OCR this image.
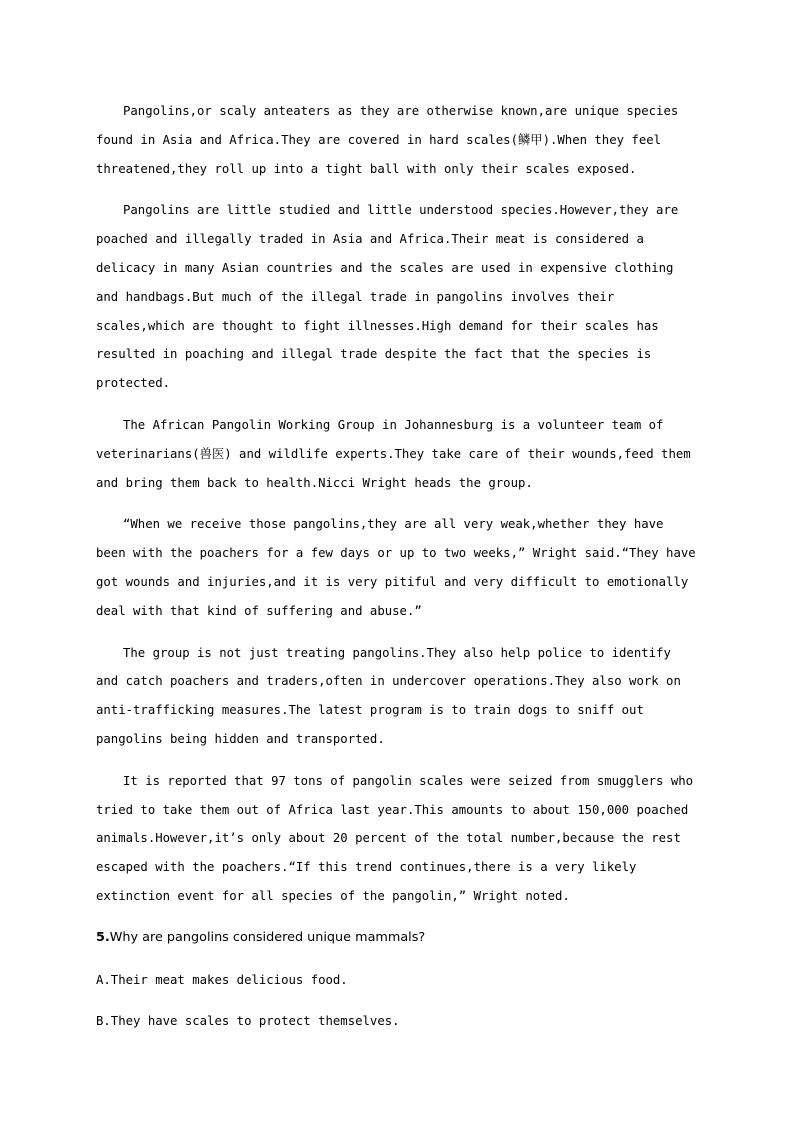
Pangolins,or scaly anteaters as they are otherwise known,are unique species found in Asia and Africa.They are covered in hard scales(鳞甲).When they feel threatened,they roll up into a tight ball with only their scales exposed.

Pangolins are little studied and little understood species.However,they are poached and illegally traded in Asia and Africa.Their meat is considered a delicacy in many Asian countries and the scales are used in expensive clothing and handbags.But much of the illegal trade in pangolins involves their scales,which are thought to fight illnesses.High demand for their scales has resulted in poaching and illegal trade despite the fact that the species is protected.

The African Pangolin Working Group in Johannesburg is a volunteer team of veterinarians(兽医) and wildlife experts.They take care of their wounds,feed them and bring them back to health.Nicci Wright heads the group.

“When we receive those pangolins,they are all very weak,whether they have been with the poachers for a few days or up to two weeks,” Wright said.“They have got wounds and injuries,and it is very pitiful and very difficult to emotionally deal with that kind of suffering and abuse.”

The group is not just treating pangolins.They also help police to identify and catch poachers and traders,often in undercover operations.They also work on anti-trafficking measures.The latest program is to train dogs to sniff out pangolins being hidden and transported.

It is reported that 97 tons of pangolin scales were seized from smugglers who tried to take them out of Africa last year.This amounts to about 150,000 poached animals.However,it’s only about 20 percent of the total number,because the rest escaped with the poachers.“If this trend continues,there is a very likely extinction event for all species of the pangolin,” Wright noted.

5.Why are pangolins considered unique mammals?

A.Their meat makes delicious food.

B.They have scales to protect themselves.
